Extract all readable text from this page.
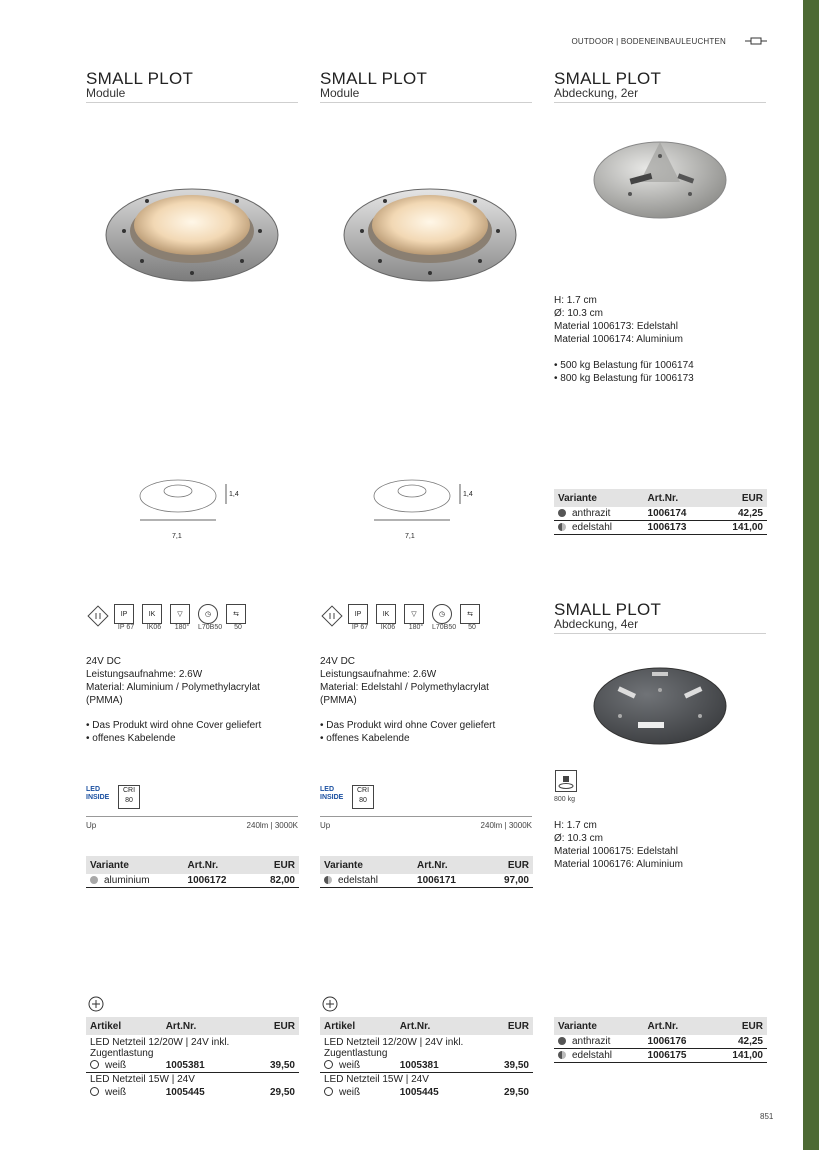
OUTDOOR | BODENEINBAULEUCHTEN
851
SMALL PLOT
Module
1,4
7,1
IP
IP 67
IK
IK06
▽
180°
◷
L70B50
⇆
50
24V DC
Leistungsaufnahme: 2.6W
Material: Aluminium / Polymethylacrylat
(PMMA)
• Das Produkt wird ohne Cover geliefert
• offenes Kabelende
LED INSIDE
CRI
80
Up	240lm | 3000K
Variante	Art.Nr.	EUR
aluminium	1006172	82,00
Artikel	Art.Nr.	EUR
LED Netzteil 12/20W | 24V inkl. Zugentlastung		
weiß	1005381	39,50
LED Netzteil 15W | 24V		
weiß	1005445	29,50
SMALL PLOT
Module
1,4
7,1
IP
IP 67
IK
IK06
▽
180°
◷
L70B50
⇆
50
24V DC
Leistungsaufnahme: 2.6W
Material: Edelstahl / Polymethylacrylat
(PMMA)
• Das Produkt wird ohne Cover geliefert
• offenes Kabelende
LED INSIDE
CRI
80
Up	240lm | 3000K
Variante	Art.Nr.	EUR
edelstahl	1006171	97,00
Artikel	Art.Nr.	EUR
LED Netzteil 12/20W | 24V inkl. Zugentlastung		
weiß	1005381	39,50
LED Netzteil 15W | 24V		
weiß	1005445	29,50
SMALL PLOT
Abdeckung, 2er
H: 1.7 cm
Ø: 10.3 cm
Material 1006173: Edelstahl
Material 1006174: Aluminium
• 500 kg Belastung für 1006174
• 800 kg Belastung für 1006173
Variante	Art.Nr.	EUR
anthrazit	1006174	42,25
edelstahl	1006173	141,00
SMALL PLOT
Abdeckung, 4er
800 kg
H: 1.7 cm
Ø: 10.3 cm
Material 1006175: Edelstahl
Material 1006176: Aluminium
Variante	Art.Nr.	EUR
anthrazit	1006176	42,25
edelstahl	1006175	141,00
